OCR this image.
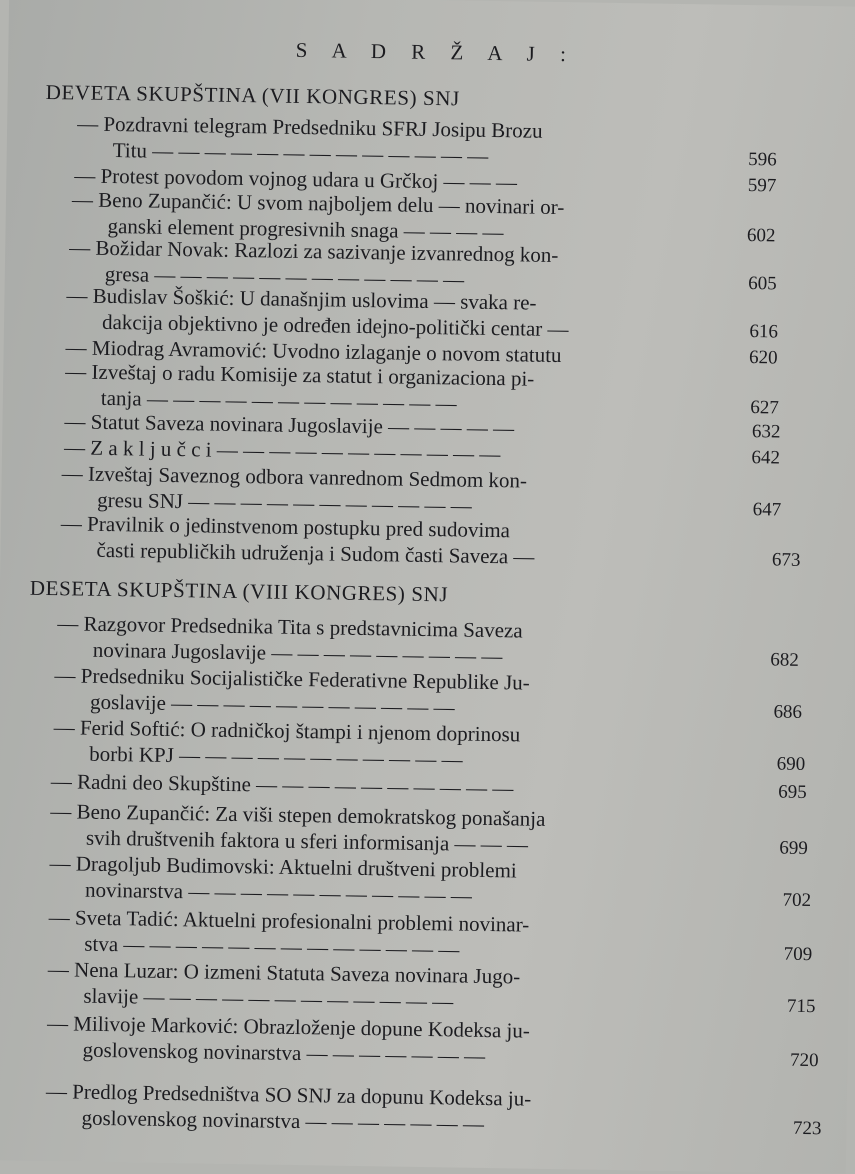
S A D R Ž A J :
DEVETA SKUPŠTINA (VII KONGRES) SNJ
— Pozdravni telegram Predsedniku SFRJ Josipu Brozu
Titu — — — — — — — — — — — — —	596
— Protest povodom vojnog udara u Grčkoj — — —	597
— Beno Zupančić: U svom najboljem delu — novinari or-
ganski element progresivnih snaga — — — —	602
— Božidar Novak: Razlozi za sazivanje izvanrednog kon-
gresa — — — — — — — — — — — —	605
— Budislav Šoškić: U današnjim uslovima — svaka re-
dakcija objektivno je određen idejno-politički centar —	616
— Miodrag Avramović: Uvodno izlaganje o novom statutu	620
— Izveštaj o radu Komisije za statut i organizaciona pi-
tanja — — — — — — — — — — — —	627
— Statut Saveza novinara Jugoslavije — — — — —	632
— Z a k l j u č c i — — — — — — — — — — —	642
— Izveštaj Saveznog odbora vanrednom Sedmom kon-
gresu SNJ — — — — — — — — — — —	647
— Pravilnik o jedinstvenom postupku pred sudovima
časti republičkih udruženja i Sudom časti Saveza —	673
DESETA SKUPŠTINA (VIII KONGRES) SNJ
— Razgovor Predsednika Tita s predstavnicima Saveza
novinara Jugoslavije — — — — — — — — —	682
— Predsedniku Socijalističke Federativne Republike Ju-
goslavije — — — — — — — — — — —	686
— Ferid Softić: O radničkoj štampi i njenom doprinosu
borbi KPJ — — — — — — — — — — —	690
— Radni deo Skupštine — — — — — — — — — —	695
— Beno Zupančić: Za viši stepen demokratskog ponašanja
svih društvenih faktora u sferi informisanja — — —	699
— Dragoljub Budimovski: Aktuelni društveni problemi
novinarstva — — — — — — — — — — —	702
— Sveta Tadić: Aktuelni profesionalni problemi novinar-
stva — — — — — — — — — — — — —	709
— Nena Luzar: O izmeni Statuta Saveza novinara Jugo-
slavije — — — — — — — — — — — —	715
— Milivoje Marković: Obrazloženje dopune Kodeksa ju-
goslovenskog novinarstva — — — — — — —	720
— Predlog Predsedništva SO SNJ za dopunu Kodeksa ju-
goslovenskog novinarstva — — — — — — —	723
